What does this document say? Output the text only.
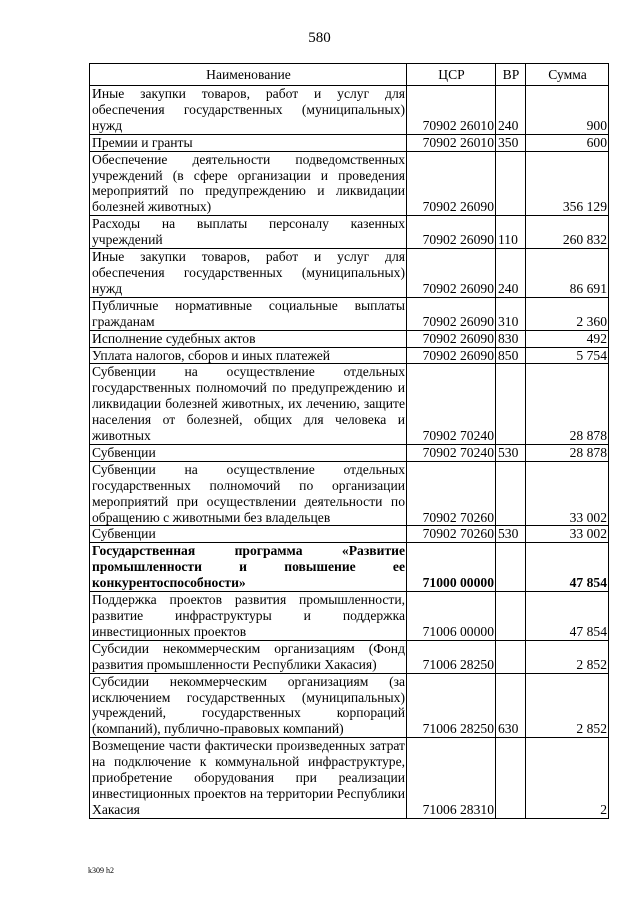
580
Наименование	ЦСР	ВР	Сумма
Иные закупки товаров, работ и услуг для обеспечения государственных (муниципальных) нужд	70902 26010	240	900
Премии и гранты	70902 26010	350	600
Обеспечение деятельности подведомственных учреждений (в сфере организации и проведения мероприятий по предупреждению и ликвидации болезней животных)	70902 26090		356 129
Расходы на выплаты персоналу казенных учреждений	70902 26090	110	260 832
Иные закупки товаров, работ и услуг для обеспечения государственных (муниципальных) нужд	70902 26090	240	86 691
Публичные нормативные социальные выплаты гражданам	70902 26090	310	2 360
Исполнение судебных актов	70902 26090	830	492
Уплата налогов, сборов и иных платежей	70902 26090	850	5 754
Субвенции на осуществление отдельных государственных полномочий по предупреждению и ликвидации болезней животных, их лечению, защите населения от болезней, общих для человека и животных	70902 70240		28 878
Субвенции	70902 70240	530	28 878
Субвенции на осуществление отдельных государственных полномочий по организации мероприятий при осуществлении деятельности по обращению с животными без владельцев	70902 70260		33 002
Субвенции	70902 70260	530	33 002
Государственная программа «Развитие промышленности и повышение ее конкурентоспособности»	71000 00000		47 854
Поддержка проектов развития промышленности, развитие инфраструктуры и поддержка инвестиционных проектов	71006 00000		47 854
Субсидии некоммерческим организациям (Фонд развития промышленности Республики Хакасия)	71006 28250		2 852
Субсидии некоммерческим организациям (за исключением государственных (муниципальных) учреждений, государственных корпораций (компаний), публично-правовых компаний)	71006 28250	630	2 852
Возмещение части фактически произведенных затрат на подключение к коммунальной инфраструктуре, приобретение оборудования при реализации инвестиционных проектов на территории Республики Хакасия	71006 28310		2
k309 h2
